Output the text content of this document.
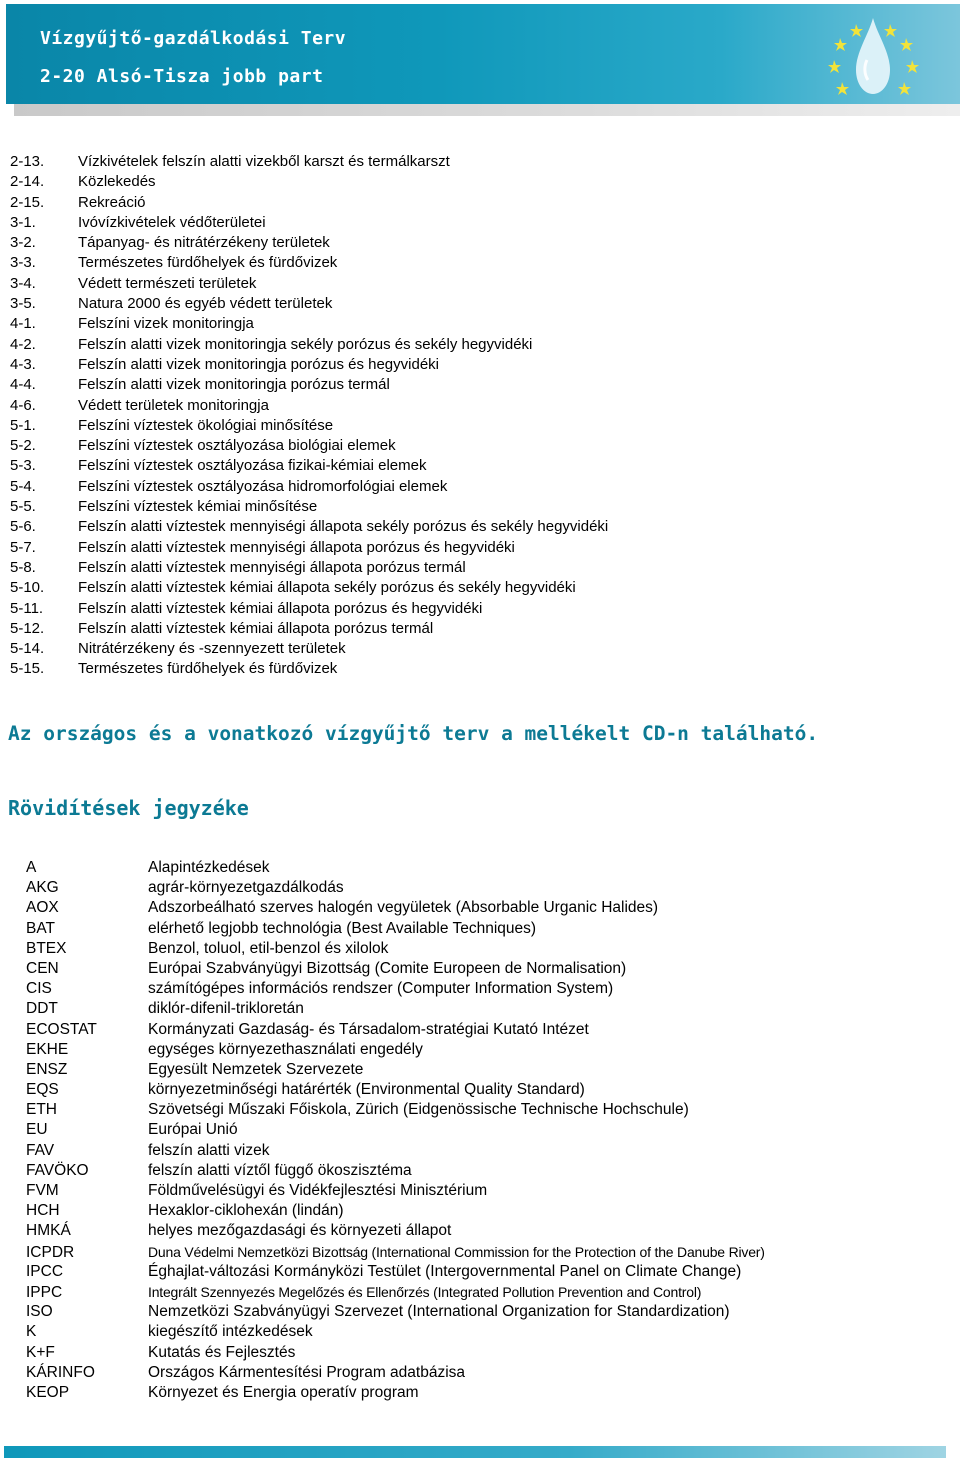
Vízgyűjtő-gazdálkodási Terv
2-20 Alsó-Tisza jobb part
2-13. Vízkivételek felszín alatti vizekből karszt és termálkarszt
2-14. Közlekedés
2-15. Rekreáció
3-1.	Ivóvízkivételek védőterületei
3-2.	Tápanyag- és nitrátérzékeny területek
3-3.	Természetes fürdőhelyek és fürdővizek
3-4.	Védett természeti területek
3-5.	Natura 2000 és egyéb védett területek
4-1.	Felszíni vizek monitoringja
4-2.	Felszín alatti vizek monitoringja sekély porózus és sekély hegyvidéki
4-3.	Felszín alatti vizek monitoringja porózus és hegyvidéki
4-4.	Felszín alatti vizek monitoringja porózus termál
4-6.	Védett területek monitoringja
5-1.	Felszíni víztestek ökológiai minősítése
5-2.	Felszíni víztestek osztályozása biológiai elemek
5-3.	Felszíni víztestek osztályozása fizikai-kémiai elemek
5-4.	Felszíni víztestek osztályozása hidromorfológiai elemek
5-5.	Felszíni víztestek kémiai minősítése
5-6.	Felszín alatti víztestek mennyiségi állapota sekély porózus és sekély hegyvidéki
5-7.	Felszín alatti víztestek mennyiségi állapota porózus és hegyvidéki
5-8.	Felszín alatti víztestek mennyiségi állapota porózus termál
5-10. Felszín alatti víztestek kémiai állapota sekély porózus és sekély hegyvidéki
5-11. Felszín alatti víztestek kémiai állapota porózus és hegyvidéki
5-12. Felszín alatti víztestek kémiai állapota porózus termál
5-14. Nitrátérzékeny és -szennyezett területek
5-15. Természetes fürdőhelyek és fürdővizek
Az országos és a vonatkozó vízgyűjtő terv a mellékelt CD-n található.
Rövidítések jegyzéke
A	Alapintézkedések
AKG	agrár-környezetgazdálkodás
AOX	Adszorbeálható szerves halogén vegyületek (Absorbable Urganic Halides)
BAT	elérhető legjobb technológia (Best Available Techniques)
BTEX	Benzol, toluol, etil-benzol és xilolok
CEN	Európai Szabványügyi Bizottság (Comite Europeen de Normalisation)
CIS	számítógépes információs rendszer (Computer Information System)
DDT	diklór-difenil-trikloretán
ECOSTAT	Kormányzati Gazdaság- és Társadalom-stratégiai Kutató Intézet
EKHE	egységes környezethasználati engedély
ENSZ	Egyesült Nemzetek Szervezete
EQS	környezetminőségi határérték (Environmental Quality Standard)
ETH	Szövetségi Műszaki Főiskola, Zürich (Eidgenössische Technische Hochschule)
EU	Európai Unió
FAV	felszín alatti vizek
FAVÖKO	felszín alatti víztől függő ökoszisztéma
FVM	Földművelésügyi és Vidékfejlesztési Minisztérium
HCH	Hexaklor-ciklohexán (lindán)
HMKÁ	helyes mezőgazdasági és környezeti állapot
ICPDR	Duna Védelmi Nemzetközi Bizottság (International Commission for the Protection of the Danube River)
IPCC	Éghajlat-változási Kormányközi Testület (Intergovernmental Panel on Climate Change)
IPPC	Integrált Szennyezés Megelőzés és Ellenőrzés (Integrated Pollution Prevention and Control)
ISO	Nemzetközi Szabványügyi Szervezet (International Organization for Standardization)
K	kiegészítő intézkedések
K+F	Kutatás és Fejlesztés
KÁRINFO	Országos Kármentesítési Program adatbázisa
KEOP	Környezet és Energia operatív program
